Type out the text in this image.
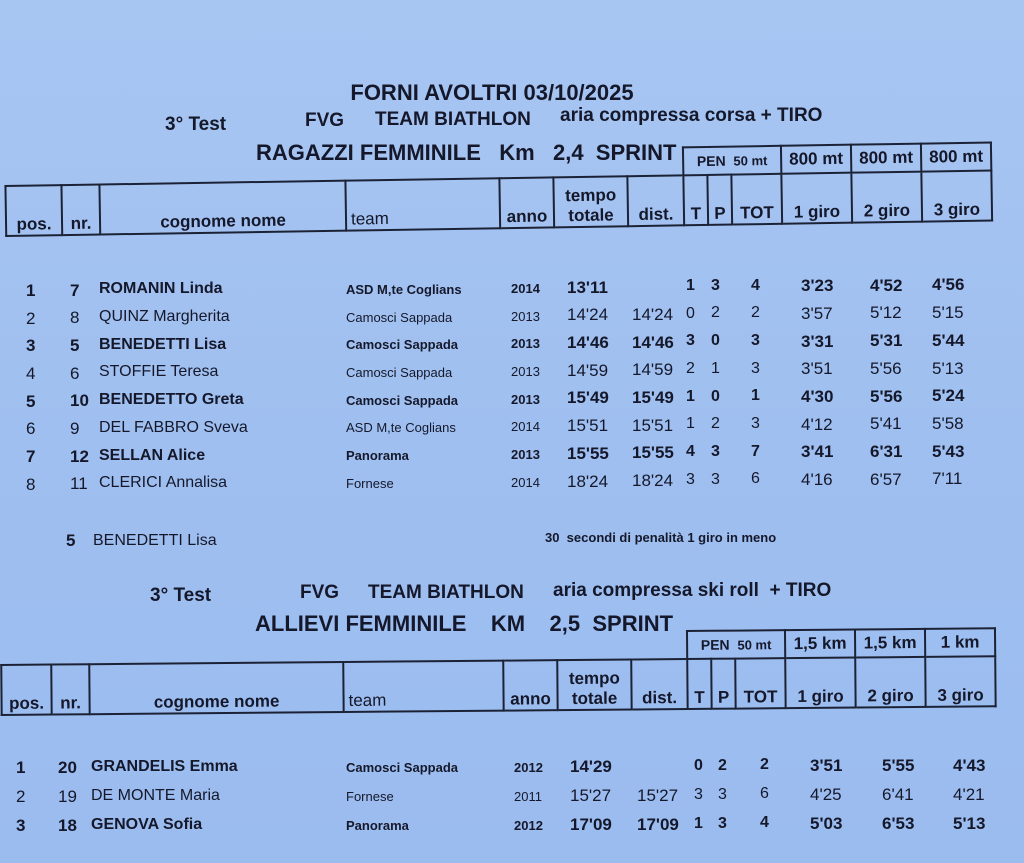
FORNI AVOLTRI 03/10/2025
3° Test	FVG TEAM BIATHLON aria compressa corsa + TIRO
RAGAZZI FEMMINILE   Km   2,4  SPRINT
							PEN 50 mt			800 mt	800 mt	800 mt
pos.	nr.	cognome nome	team	anno	tempo
totale	dist.	T	P	TOT	1 giro	2 giro	3 giro
1 7 ROMANIN Linda	ASD M,te Coglians	2014 13'11	1 3 4 3'23 4'52 4'56
2 8 QUINZ Margherita	Camosci Sappada	2013 14'24 14'24 0 2 2 3'57 5'12 5'15
3 5 BENEDETTI Lisa	Camosci Sappada	2013 14'46 14'46 3 0 3 3'31 5'31 5'44
4 6 STOFFIE Teresa	Camosci Sappada	2013 14'59 14'59 2 1 3 3'51 5'56 5'13
5 10 BENEDETTO Greta	Camosci Sappada	2013 15'49 15'49 1 0 1 4'30 5'56 5'24
6 9 DEL FABBRO Sveva	ASD M,te Coglians	2014 15'51 15'51 1 2 3 4'12 5'41 5'58
7 12 SELLAN Alice	Panorama	2013 15'55 15'55 4 3 7 3'41 6'31 5'43
8 11 CLERICI Annalisa	Fornese	2014 18'24 18'24 3 3 6 4'16 6'57 7'11
5 BENEDETTI Lisa	30  secondi di penalità 1 giro in meno
3° Test	FVG TEAM BIATHLON aria compressa ski roll  + TIRO
ALLIEVI FEMMINILE    KM    2,5  SPRINT
							PEN 50 mt			1,5 km	1,5 km	1 km
pos.	nr.	cognome nome	team	anno	tempo
totale	dist.	T	P	TOT	1 giro	2 giro	3 giro
1 20 GRANDELIS Emma	Camosci Sappada	2012 14'29	0 2 2 3'51 5'55 4'43
2 19 DE MONTE Maria	Fornese	2011 15'27 15'27 3 3 6 4'25 6'41 4'21
3 18 GENOVA Sofia	Panorama	2012 17'09 17'09 1 3 4 5'03 6'53 5'13
